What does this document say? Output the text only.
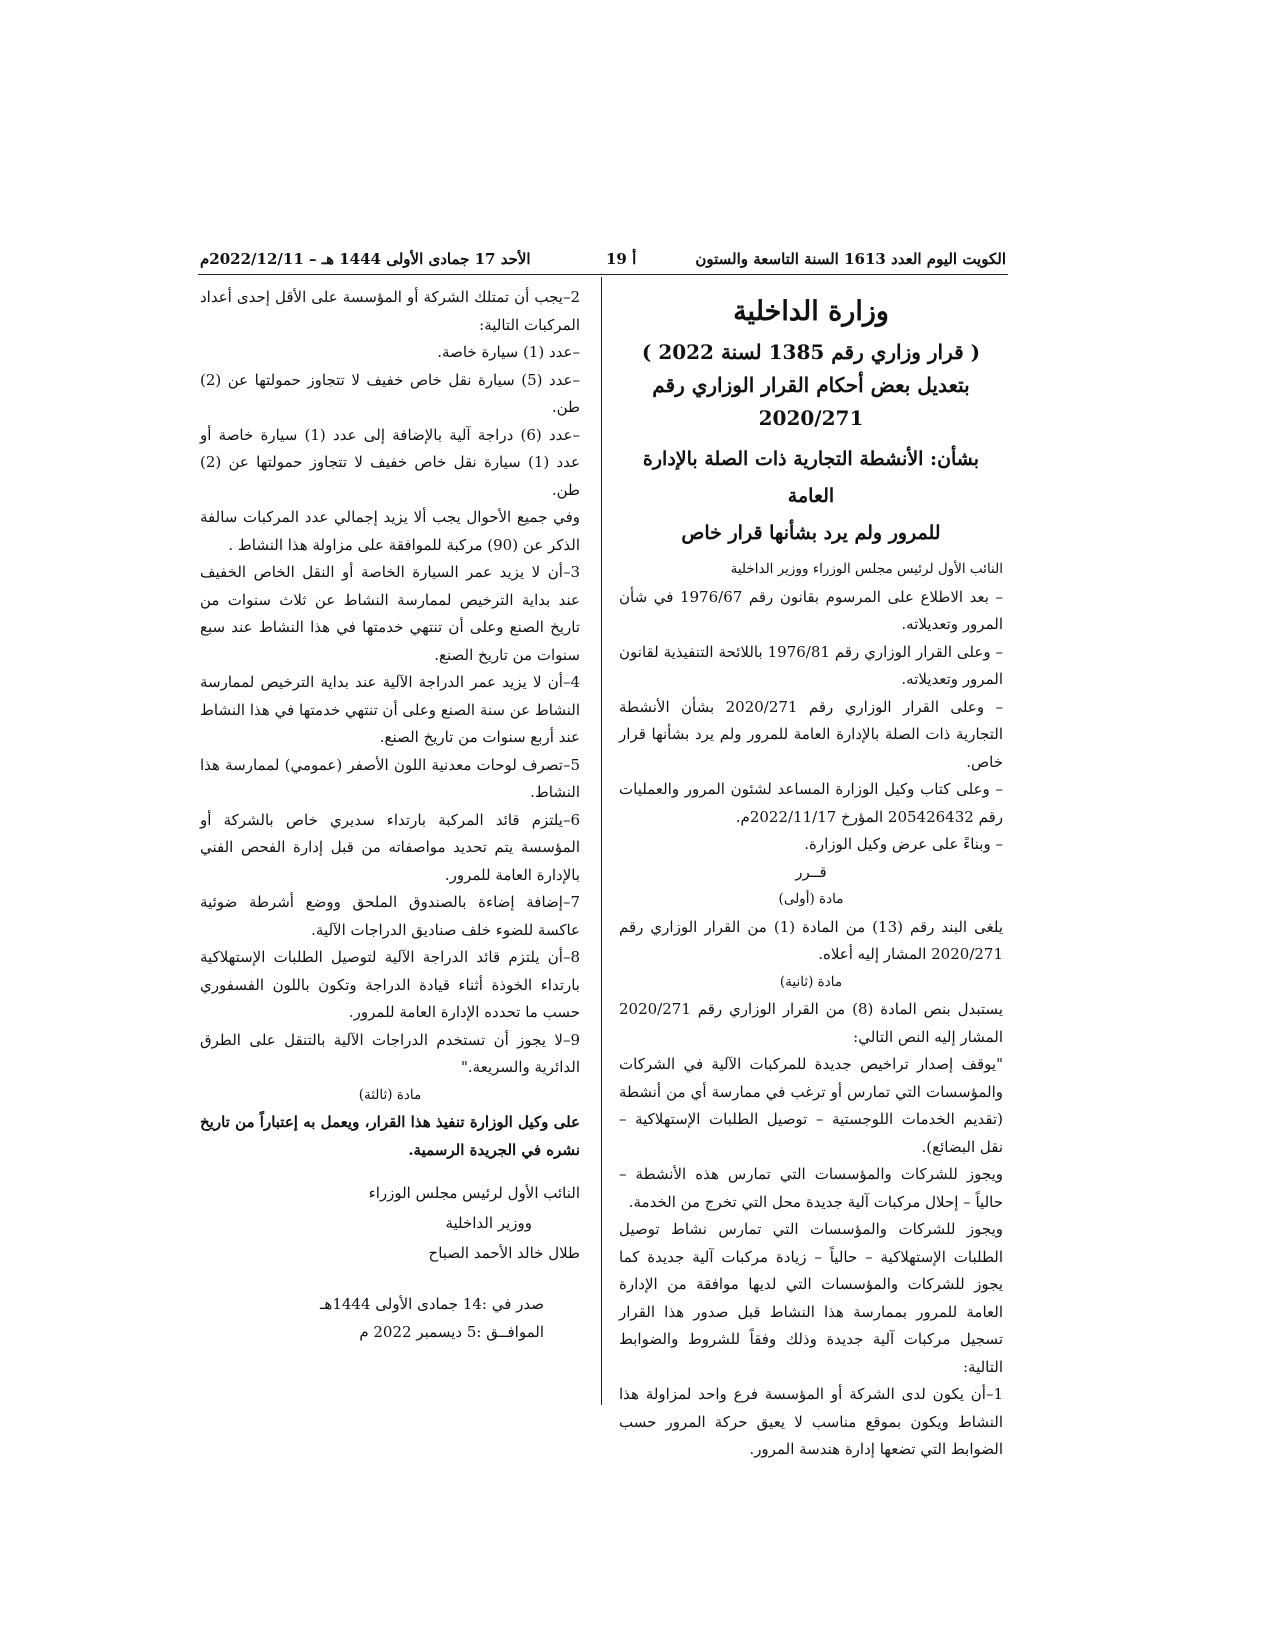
الكويت اليوم العدد 1613 السنة التاسعة والستون
أ 19
الأحد 17 جمادى الأولى 1444 هـ – 2022/12/11م

وزارة الداخلية

( قرار وزاري رقم 1385 لسنة 2022 )

بتعديل بعض أحكام القرار الوزاري رقم

2020/271

بشأن: الأنشطة التجارية ذات الصلة بالإدارة العامة

للمرور ولم يرد بشأنها قرار خاص

النائب الأول لرئيس مجلس الوزراء ووزير الداخلية

– بعد الاطلاع على المرسوم بقانون رقم 1976/67 في شأن المرور وتعديلاته.

– وعلى القرار الوزاري رقم 1976/81 باللائحة التنفيذية لقانون المرور وتعديلاته.

– وعلى القرار الوزاري رقم 2020/271 بشأن الأنشطة التجارية ذات الصلة بالإدارة العامة للمرور ولم يرد بشأنها قرار خاص.

– وعلى كتاب وكيل الوزارة المساعد لشئون المرور والعمليات رقم 205426432 المؤرخ 2022/11/17م.

– وبناءً على عرض وكيل الوزارة.

قــرر

مادة (أولى)

يلغى البند رقم (13) من المادة (1) من القرار الوزاري رقم 2020/271 المشار إليه أعلاه.

مادة (ثانية)

يستبدل بنص المادة (8) من القرار الوزاري رقم 2020/271 المشار إليه النص التالي:

"يوقف إصدار تراخيص جديدة للمركبات الآلية في الشركات والمؤسسات التي تمارس أو ترغب في ممارسة أي من أنشطة (تقديم الخدمات اللوجستية – توصيل الطلبات الإستهلاكية – نقل البضائع).

ويجوز للشركات والمؤسسات التي تمارس هذه الأنشطة – حالياً – إحلال مركبات آلية جديدة محل التي تخرج من الخدمة.

ويجوز للشركات والمؤسسات التي تمارس نشاط توصيل الطلبات الإستهلاكية – حالياً – زيادة مركبات آلية جديدة كما يجوز للشركات والمؤسسات التي لديها موافقة من الإدارة العامة للمرور بممارسة هذا النشاط قبل صدور هذا القرار تسجيل مركبات آلية جديدة وذلك وفقاً للشروط والضوابط التالية:

1–أن يكون لدى الشركة أو المؤسسة فرع واحد لمزاولة هذا النشاط ويكون بموقع مناسب لا يعيق حركة المرور حسب الضوابط التي تضعها إدارة هندسة المرور.

2–يجب أن تمتلك الشركة أو المؤسسة على الأقل إحدى أعداد المركبات التالية:

–عدد (1) سيارة خاصة.

–عدد (5) سيارة نقل خاص خفيف لا تتجاوز حمولتها عن (2) طن.

–عدد (6) دراجة آلية بالإضافة إلى عدد (1) سيارة خاصة أو عدد (1) سيارة نقل خاص خفيف لا تتجاوز حمولتها عن (2) طن.

وفي جميع الأحوال يجب ألا يزيد إجمالي عدد المركبات سالفة الذكر عن (90) مركبة للموافقة على مزاولة هذا النشاط .

3–أن لا يزيد عمر السيارة الخاصة أو النقل الخاص الخفيف عند بداية الترخيص لممارسة النشاط عن ثلاث سنوات من تاريخ الصنع وعلى أن تنتهي خدمتها في هذا النشاط عند سبع سنوات من تاريخ الصنع.

4–أن لا يزيد عمر الدراجة الآلية عند بداية الترخيص لممارسة النشاط عن سنة الصنع وعلى أن تنتهي خدمتها في هذا النشاط عند أربع سنوات من تاريخ الصنع.

5–تصرف لوحات معدنية اللون الأصفر (عمومي) لممارسة هذا النشاط.

6–يلتزم قائد المركبة بارتداء سديري خاص بالشركة أو المؤسسة يتم تحديد مواصفاته من قبل إدارة الفحص الفني بالإدارة العامة للمرور.

7–إضافة إضاءة بالصندوق الملحق ووضع أشرطة ضوئية عاكسة للضوء خلف صناديق الدراجات الآلية.

8–أن يلتزم قائد الدراجة الآلية لتوصيل الطلبات الإستهلاكية بارتداء الخوذة أثناء قيادة الدراجة وتكون باللون الفسفوري حسب ما تحدده الإدارة العامة للمرور.

9–لا يجوز أن تستخدم الدراجات الآلية بالتنقل على الطرق الدائرية والسريعة."

مادة (ثالثة)

على وكيل الوزارة تنفيذ هذا القرار، ويعمل به إعتباراً من تاريخ نشره في الجريدة الرسمية.

النائب الأول لرئيس مجلس الوزراء

ووزير الداخلية

طلال خالد الأحمد الصباح

صدر في :14 جمادى الأولى 1444هـ

الموافــق :5 ديسمبر 2022 م
